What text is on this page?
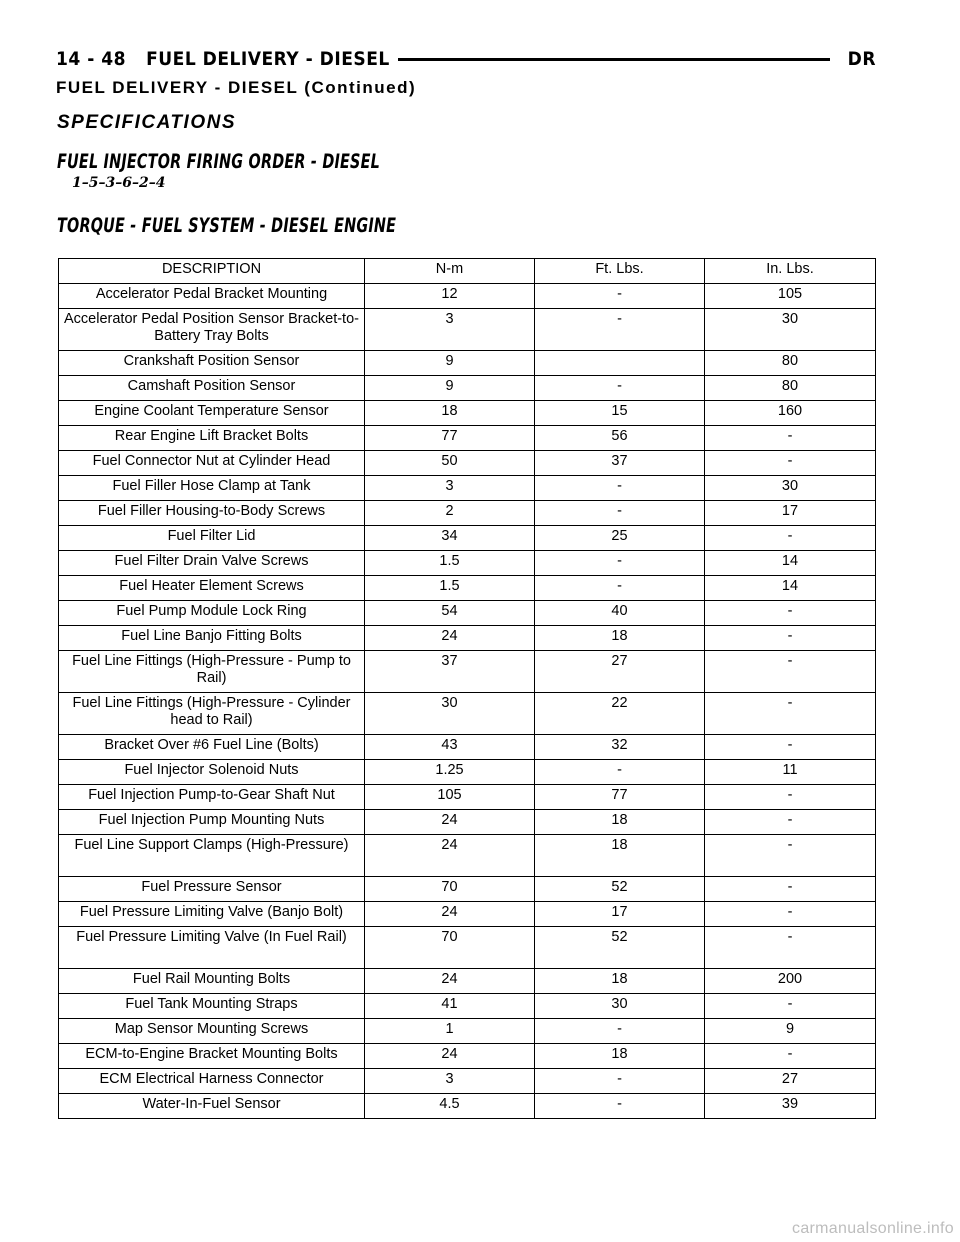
14 - 48 FUEL DELIVERY - DIESEL	DR
FUEL DELIVERY - DIESEL (Continued)
SPECIFICATIONS
FUEL INJECTOR FIRING ORDER - DIESEL
1–5–3–6–2–4
TORQUE - FUEL SYSTEM - DIESEL ENGINE
DESCRIPTION	N-m	Ft. Lbs.	In. Lbs.
Accelerator Pedal Bracket Mounting	12	-	105
Accelerator Pedal Position Sensor Bracket-to-Battery Tray Bolts	3	-	30
Crankshaft Position Sensor	9		80
Camshaft Position Sensor	9	-	80
Engine Coolant Temperature Sensor	18	15	160
Rear Engine Lift Bracket Bolts	77	56	-
Fuel Connector Nut at Cylinder Head	50	37	-
Fuel Filler Hose Clamp at Tank	3	-	30
Fuel Filler Housing-to-Body Screws	2	-	17
Fuel Filter Lid	34	25	-
Fuel Filter Drain Valve Screws	1.5	-	14
Fuel Heater Element Screws	1.5	-	14
Fuel Pump Module Lock Ring	54	40	-
Fuel Line Banjo Fitting Bolts	24	18	-
Fuel Line Fittings (High-Pressure - Pump to Rail)	37	27	-
Fuel Line Fittings (High-Pressure - Cylinder head to Rail)	30	22	-
Bracket Over #6 Fuel Line (Bolts)	43	32	-
Fuel Injector Solenoid Nuts	1.25	-	11
Fuel Injection Pump-to-Gear Shaft Nut	105	77	-
Fuel Injection Pump Mounting Nuts	24	18	-
Fuel Line Support Clamps (High-Pressure)	24	18	-
Fuel Pressure Sensor	70	52	-
Fuel Pressure Limiting Valve (Banjo Bolt)	24	17	-
Fuel Pressure Limiting Valve (In Fuel Rail)	70	52	-
Fuel Rail Mounting Bolts	24	18	200
Fuel Tank Mounting Straps	41	30	-
Map Sensor Mounting Screws	1	-	9
ECM-to-Engine Bracket Mounting Bolts	24	18	-
ECM Electrical Harness Connector	3	-	27
Water-In-Fuel Sensor	4.5	-	39
carmanualsonline.info
